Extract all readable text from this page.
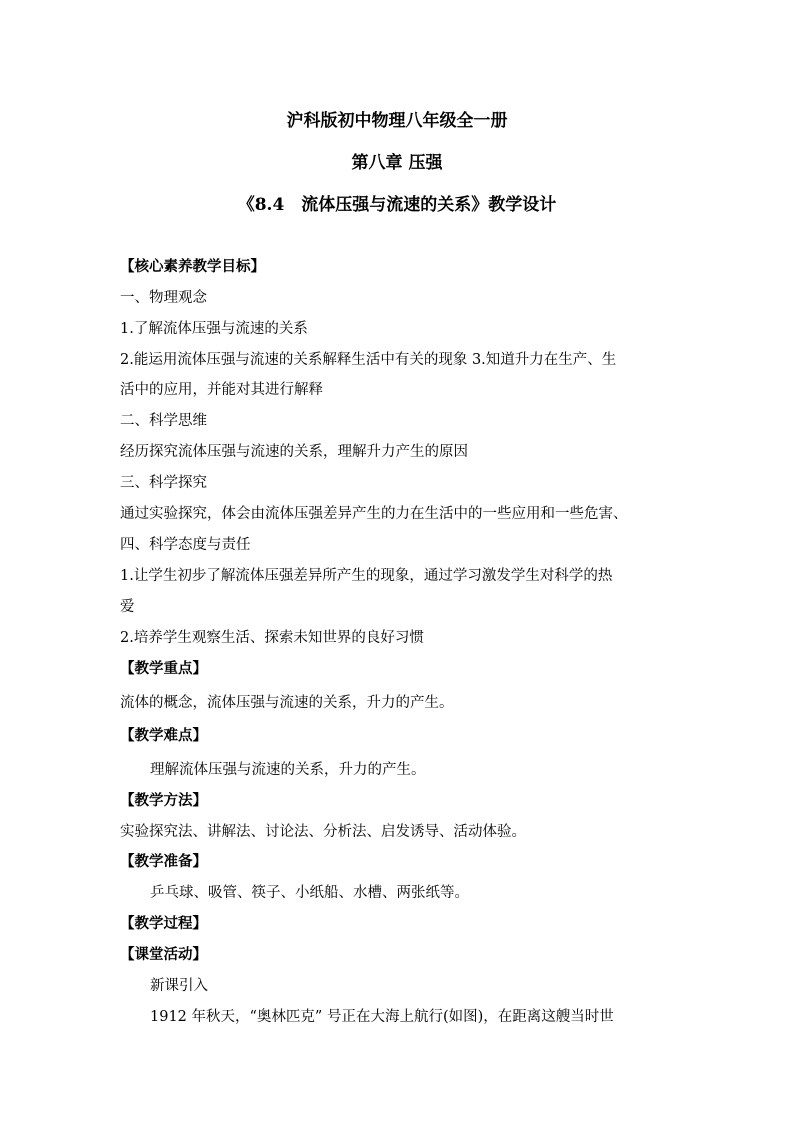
沪科版初中物理八年级全一册
第八章 压强
《8.4　流体压强与流速的关系》教学设计
【核心素养教学目标】
一、物理观念
1.了解流体压强与流速的关系
2.能运用流体压强与流速的关系解释生活中有关的现象 3.知道升力在生产、生
活中的应用，并能对其进行解释
二、科学思维
经历探究流体压强与流速的关系，理解升力产生的原因
三、科学探究
通过实验探究，体会由流体压强差异产生的力在生活中的一些应用和一些危害、
四、科学态度与责任
1.让学生初步了解流体压强差异所产生的现象，通过学习激发学生对科学的热
爱
2.培养学生观察生活、探索未知世界的良好习惯
【教学重点】
流体的概念，流体压强与流速的关系，升力的产生。
【教学难点】
理解流体压强与流速的关系，升力的产生。
【教学方法】
实验探究法、讲解法、讨论法、分析法、启发诱导、活动体验。
【教学准备】
乒乓球、吸管、筷子、小纸船、水槽、两张纸等。
【教学过程】
【课堂活动】
新课引入
1912 年秋天，“奥林匹克” 号正在大海上航行(如图)，在距离这艘当时世
